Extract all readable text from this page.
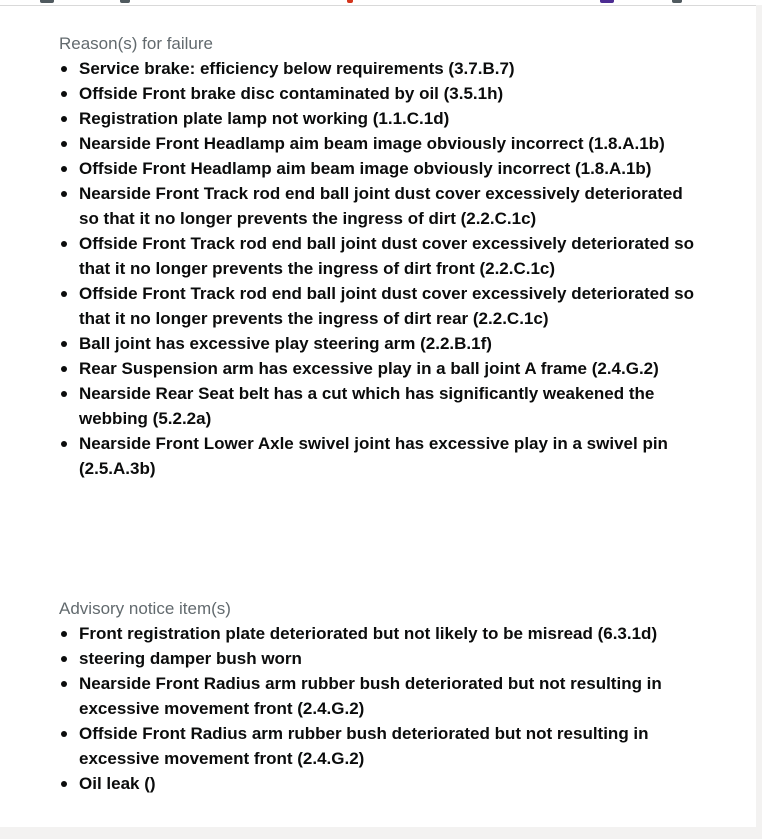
Reason(s) for failure
Service brake: efficiency below requirements (3.7.B.7)
Offside Front brake disc contaminated by oil (3.5.1h)
Registration plate lamp not working (1.1.C.1d)
Nearside Front Headlamp aim beam image obviously incorrect (1.8.A.1b)
Offside Front Headlamp aim beam image obviously incorrect (1.8.A.1b)
Nearside Front Track rod end ball joint dust cover excessively deteriorated so that it no longer prevents the ingress of dirt (2.2.C.1c)
Offside Front Track rod end ball joint dust cover excessively deteriorated so that it no longer prevents the ingress of dirt front (2.2.C.1c)
Offside Front Track rod end ball joint dust cover excessively deteriorated so that it no longer prevents the ingress of dirt rear (2.2.C.1c)
Ball joint has excessive play steering arm (2.2.B.1f)
Rear Suspension arm has excessive play in a ball joint A frame (2.4.G.2)
Nearside Rear Seat belt has a cut which has significantly weakened the webbing (5.2.2a)
Nearside Front Lower Axle swivel joint has excessive play in a swivel pin (2.5.A.3b)
Advisory notice item(s)
Front registration plate deteriorated but not likely to be misread (6.3.1d)
steering damper bush worn
Nearside Front Radius arm rubber bush deteriorated but not resulting in excessive movement front (2.4.G.2)
Offside Front Radius arm rubber bush deteriorated but not resulting in excessive movement front (2.4.G.2)
Oil leak ()
